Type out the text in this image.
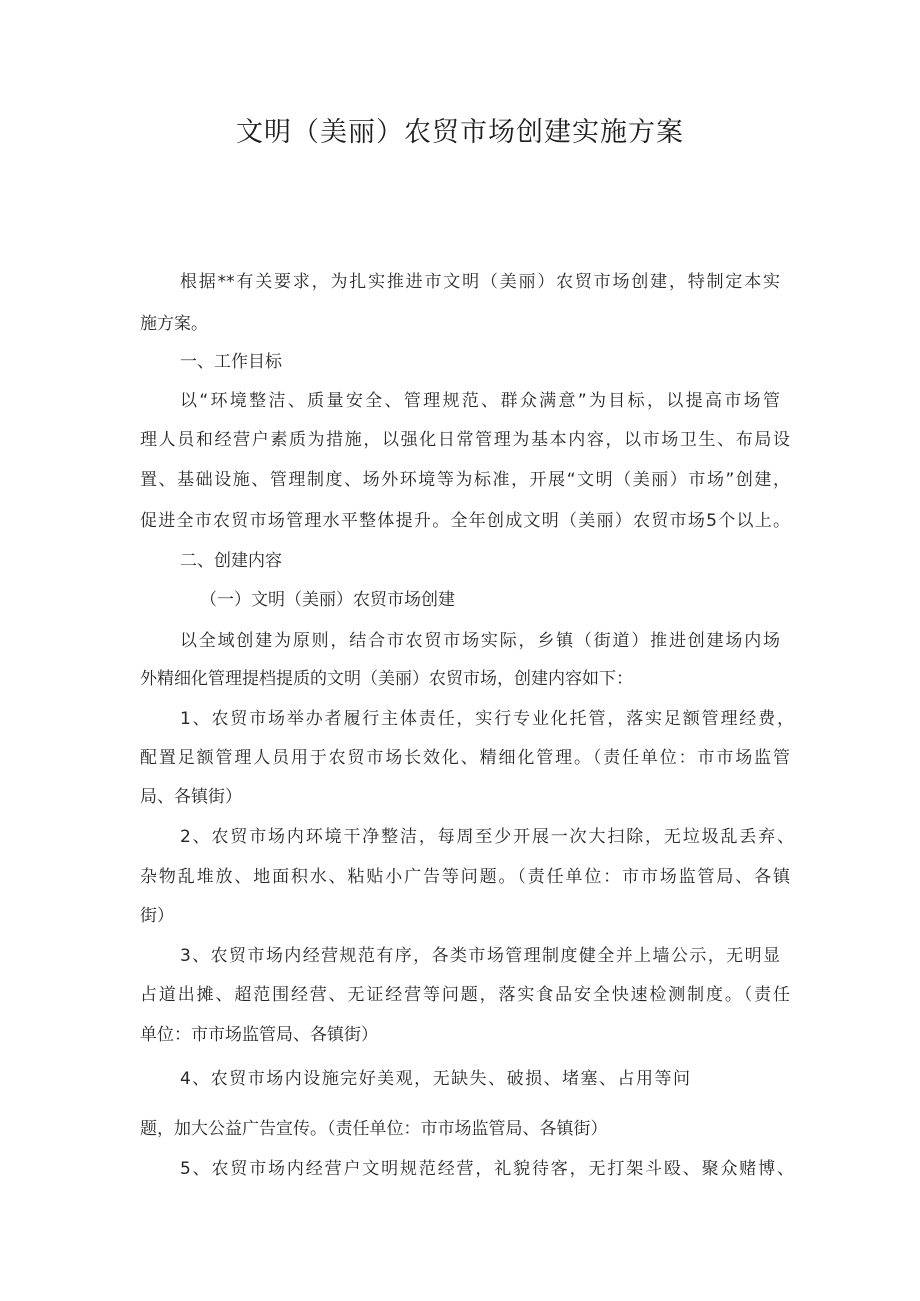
文明（美丽）农贸市场创建实施方案
根据**有关要求，为扎实推进市文明（美丽）农贸市场创建，特制定本实
施方案。
一、工作目标
以“环境整洁、质量安全、管理规范、群众满意”为目标，以提高市场管
理人员和经营户素质为措施，以强化日常管理为基本内容，以市场卫生、布局设
置、基础设施、管理制度、场外环境等为标准，开展“文明（美丽）市场”创建，
促进全市农贸市场管理水平整体提升。全年创成文明（美丽）农贸市场5个以上。
二、创建内容
（一）文明（美丽）农贸市场创建
以全域创建为原则，结合市农贸市场实际，乡镇（街道）推进创建场内场
外精细化管理提档提质的文明（美丽）农贸市场，创建内容如下：
1、农贸市场举办者履行主体责任，实行专业化托管，落实足额管理经费，
配置足额管理人员用于农贸市场长效化、精细化管理。（责任单位：市市场监管
局、各镇街）
2、农贸市场内环境干净整洁，每周至少开展一次大扫除，无垃圾乱丢弃、
杂物乱堆放、地面积水、粘贴小广告等问题。（责任单位：市市场监管局、各镇
街）
3、农贸市场内经营规范有序，各类市场管理制度健全并上墙公示，无明显
占道出摊、超范围经营、无证经营等问题，落实食品安全快速检测制度。（责任
单位：市市场监管局、各镇街）
4、农贸市场内设施完好美观，无缺失、破损、堵塞、占用等问
题，加大公益广告宣传。（责任单位：市市场监管局、各镇街）
5、农贸市场内经营户文明规范经营，礼貌待客，无打架斗殴、聚众赌博、
